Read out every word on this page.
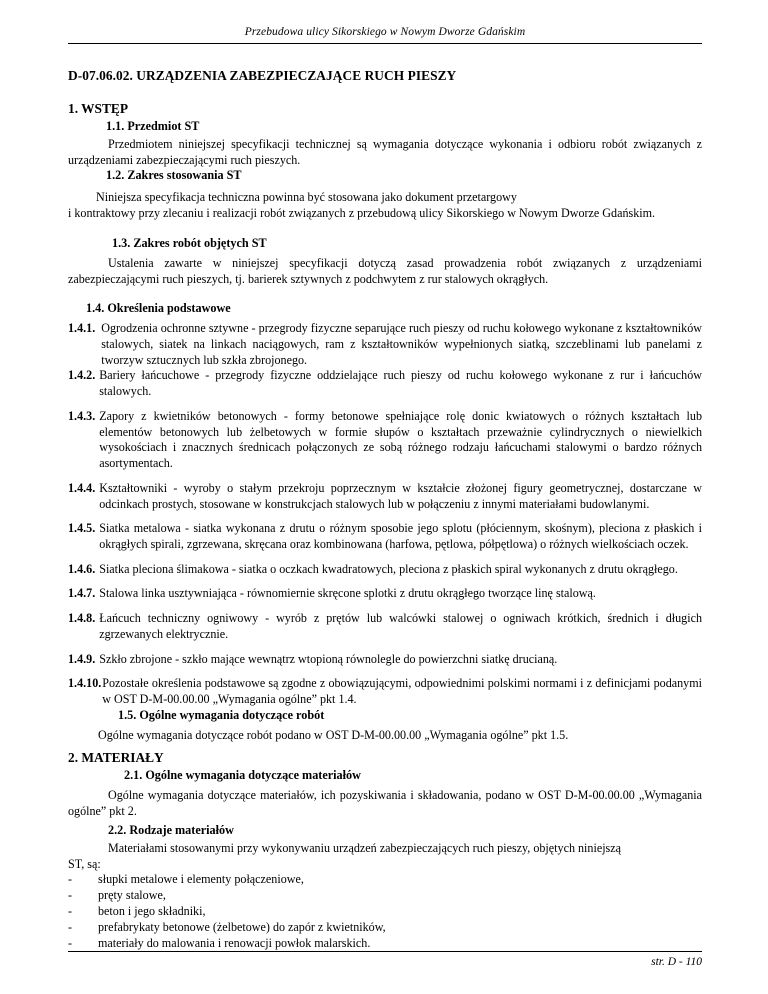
Przebudowa ulicy Sikorskiego w Nowym Dworze Gdańskim
D-07.06.02. URZĄDZENIA ZABEZPIECZAJĄCE RUCH PIESZY
1. WSTĘP
1.1. Przedmiot ST

Przedmiotem niniejszej specyfikacji technicznej są wymagania dotyczące wykonania i odbioru robót związanych z urządzeniami zabezpieczającymi ruch pieszych.

1.2. Zakres stosowania ST

Niniejsza specyfikacja techniczna powinna być stosowana jako dokument przetargowy

i kontraktowy przy zlecaniu i realizacji robót związanych z przebudową ulicy Sikorskiego w Nowym Dworze Gdańskim.

1.3. Zakres robót objętych ST

Ustalenia zawarte w niniejszej specyfikacji dotyczą zasad prowadzenia robót związanych z urządzeniami zabezpieczającymi ruch pieszych, tj. barierek sztywnych z podchwytem z rur stalowych okrągłych.

1.4. Określenia podstawowe
1.4.1. Ogrodzenia ochronne sztywne - przegrody fizyczne separujące ruch pieszy od ruchu kołowego wykonane z kształtowników stalowych, siatek na linkach naciągowych, ram z kształtowników wypełnionych siatką, szczeblinami lub panelami z tworzyw sztucznych lub szkła zbrojonego.
1.4.2. Bariery łańcuchowe - przegrody fizyczne oddzielające ruch pieszy od ruchu kołowego wykonane z rur i łańcuchów stalowych.
1.4.3. Zapory z kwietników betonowych - formy betonowe spełniające rolę donic kwiatowych o różnych kształtach lub elementów betonowych lub żelbetowych w formie słupów o kształtach przeważnie cylindrycznych o niewielkich wysokościach i znacznych średnicach połączonych ze sobą różnego rodzaju łańcuchami stalowymi o bardzo różnych asortymentach.
1.4.4. Kształtowniki - wyroby o stałym przekroju poprzecznym w kształcie złożonej figury geometrycznej, dostarczane w odcinkach prostych, stosowane w konstrukcjach stalowych lub w połączeniu z innymi materiałami budowlanymi.
1.4.5. Siatka metalowa - siatka wykonana z drutu o różnym sposobie jego splotu (płóciennym, skośnym), pleciona z płaskich i okrągłych spirali, zgrzewana, skręcana oraz kombinowana (harfowa, pętlowa, półpętlowa) o różnych wielkościach oczek.
1.4.6. Siatka pleciona ślimakowa - siatka o oczkach kwadratowych, pleciona z płaskich spiral wykonanych z drutu okrągłego.
1.4.7. Stalowa linka usztywniająca - równomiernie skręcone splotki z drutu okrągłego tworzące linę stalową.
1.4.8. Łańcuch techniczny ogniwowy - wyrób z prętów lub walcówki stalowej o ogniwach krótkich, średnich i długich zgrzewanych elektrycznie.
1.4.9. Szkło zbrojone - szkło mające wewnątrz wtopioną równolegle do powierzchni siatkę drucianą.
1.4.10. Pozostałe określenia podstawowe są zgodne z obowiązującymi, odpowiednimi polskimi normami i z definicjami podanymi w OST D-M-00.00.00 „Wymagania ogólne” pkt 1.4.
1.5. Ogólne wymagania dotyczące robót

Ogólne wymagania dotyczące robót podano w OST D-M-00.00.00 „Wymagania ogólne” pkt 1.5.

2. MATERIAŁY
2.1. Ogólne wymagania dotyczące materiałów

Ogólne wymagania dotyczące materiałów, ich pozyskiwania i składowania, podano w OST D-M-00.00.00 „Wymagania ogólne” pkt 2.

2.2. Rodzaje materiałów

Materiałami stosowanymi przy wykonywaniu urządzeń zabezpieczających ruch pieszy, objętych niniejszą

ST, są:

-	słupki metalowe i elementy połączeniowe,
-	pręty stalowe,
-	beton i jego składniki,
-	prefabrykaty betonowe (żelbetowe) do zapór z kwietników,
-	materiały do malowania i renowacji powłok malarskich.
str. D - 110
